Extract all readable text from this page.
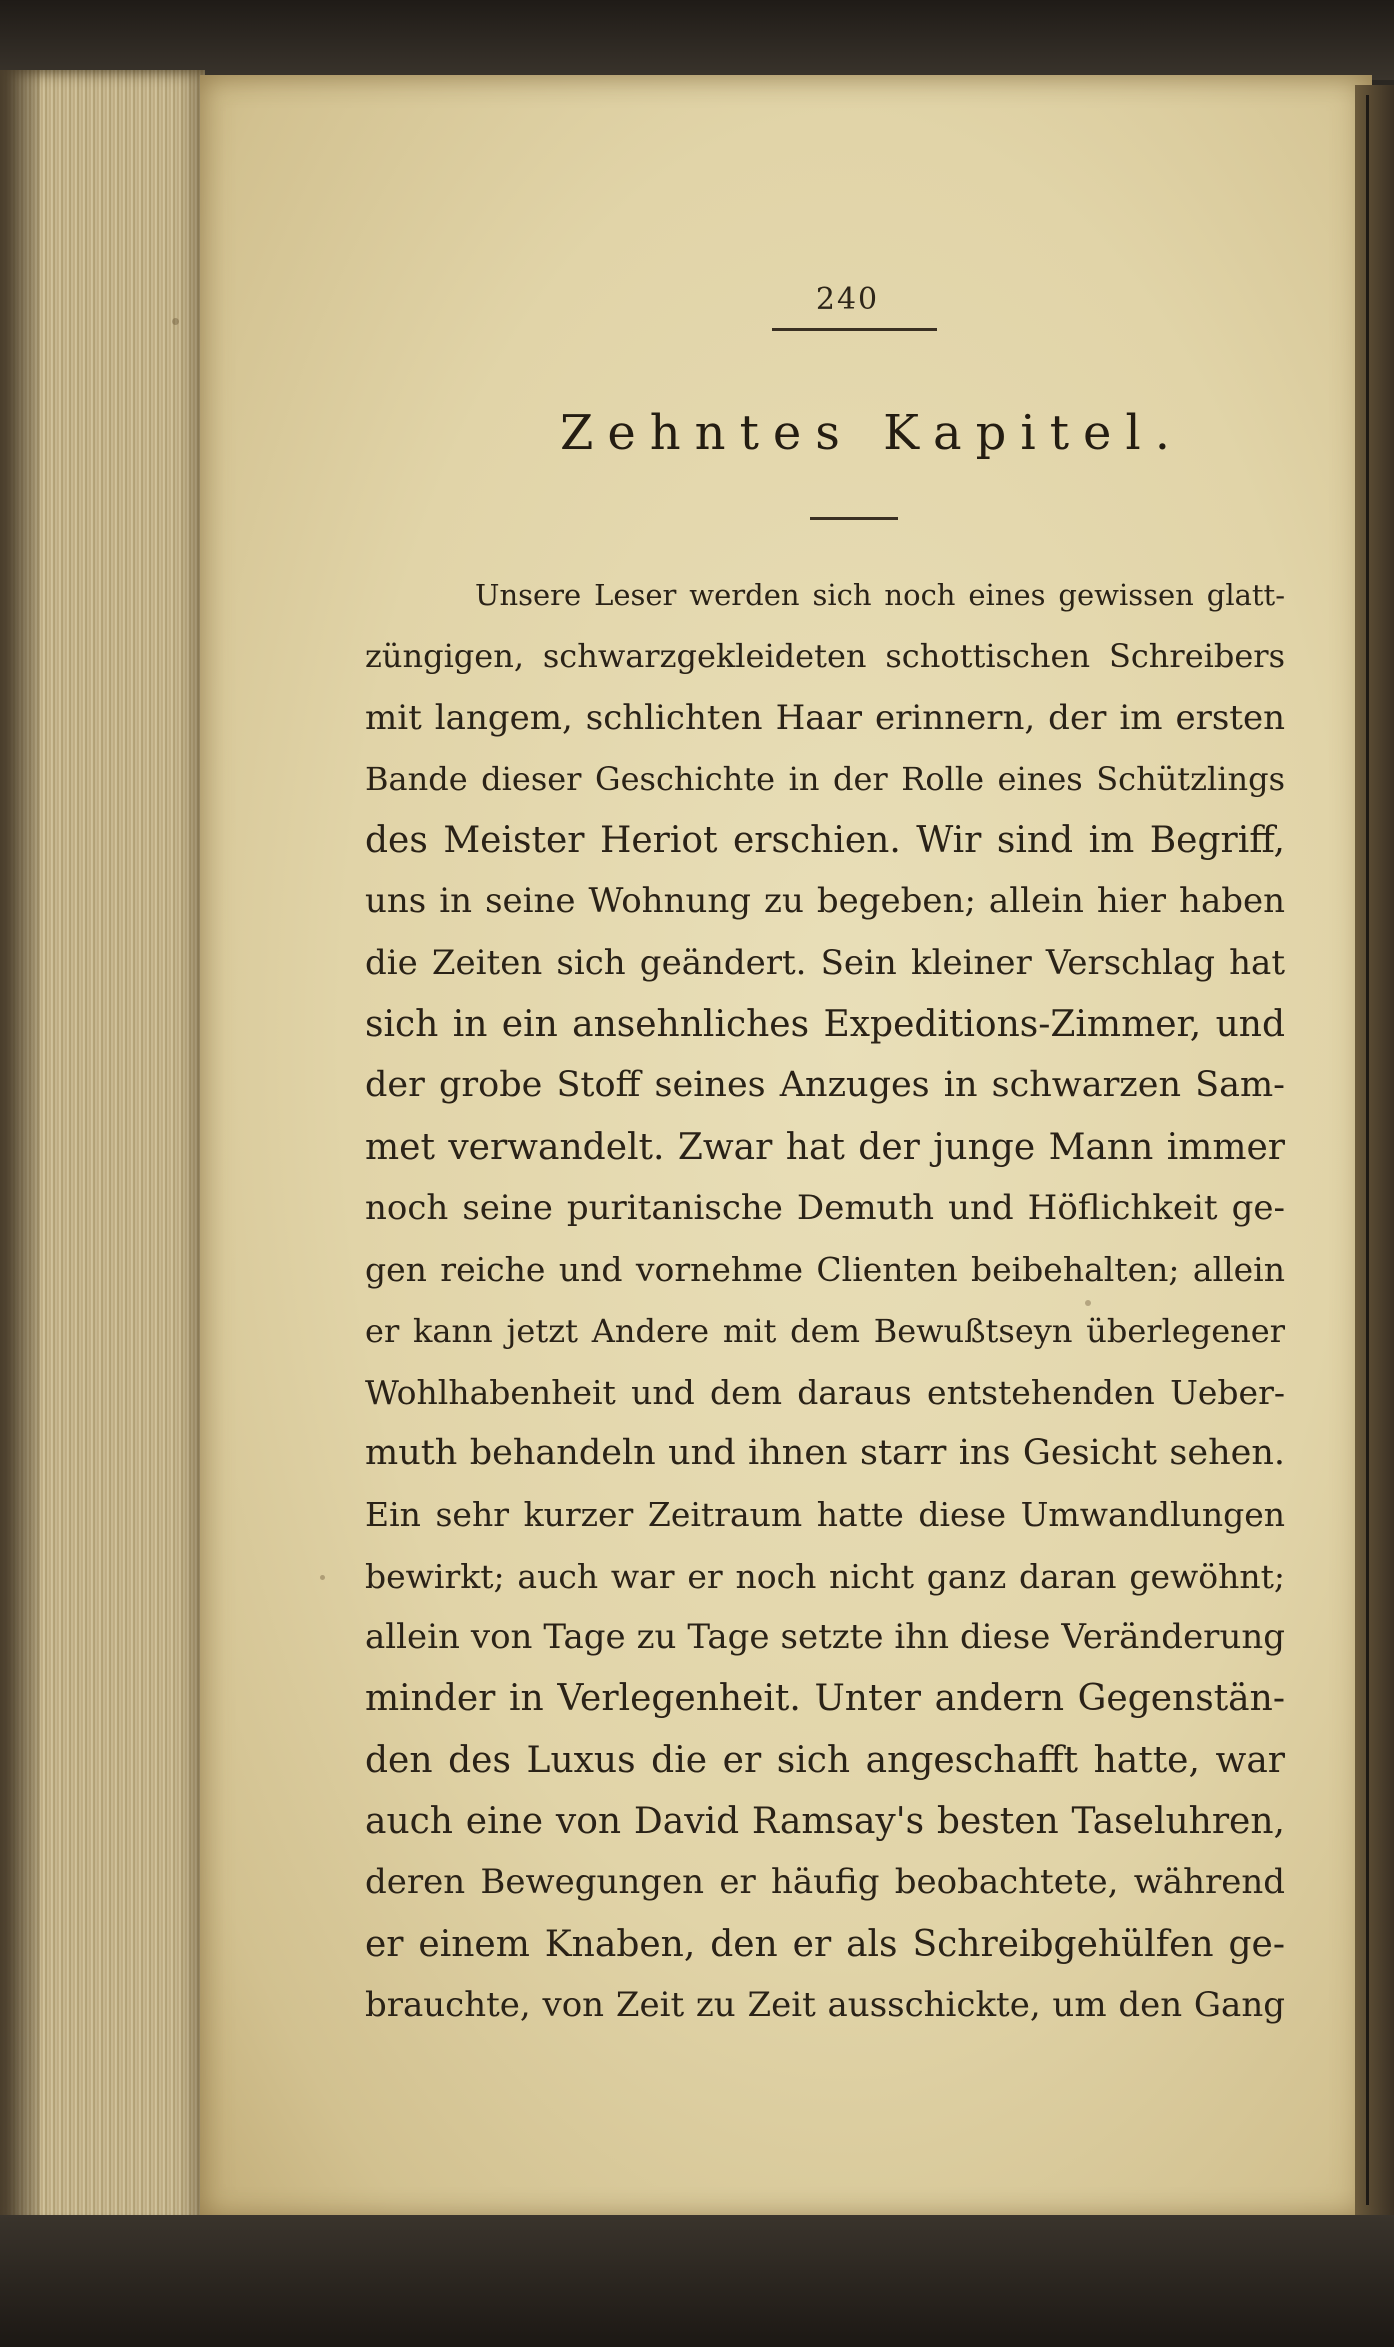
240
Zehntes Kapitel.
Unsere Leser werden sich noch eines gewissen glatt-
züngigen, schwarzgekleideten schottischen Schreibers
mit langem, schlichten Haar erinnern, der im ersten
Bande dieser Geschichte in der Rolle eines Schützlings
des Meister Heriot erschien. Wir sind im Begriff,
uns in seine Wohnung zu begeben; allein hier haben
die Zeiten sich geändert. Sein kleiner Verschlag hat
sich in ein ansehnliches Expeditions-Zimmer, und
der grobe Stoff seines Anzuges in schwarzen Sam-
met verwandelt. Zwar hat der junge Mann immer
noch seine puritanische Demuth und Höflichkeit ge-
gen reiche und vornehme Clienten beibehalten; allein
er kann jetzt Andere mit dem Bewußtseyn überlegener
Wohlhabenheit und dem daraus entstehenden Ueber-
muth behandeln und ihnen starr ins Gesicht sehen.
Ein sehr kurzer Zeitraum hatte diese Umwandlungen
bewirkt; auch war er noch nicht ganz daran gewöhnt;
allein von Tage zu Tage setzte ihn diese Veränderung
minder in Verlegenheit. Unter andern Gegenstän-
den des Luxus die er sich angeschafft hatte, war
auch eine von David Ramsay's besten Taseluhren,
deren Bewegungen er häufig beobachtete, während
er einem Knaben, den er als Schreibgehülfen ge-
brauchte, von Zeit zu Zeit ausschickte, um den Gang
